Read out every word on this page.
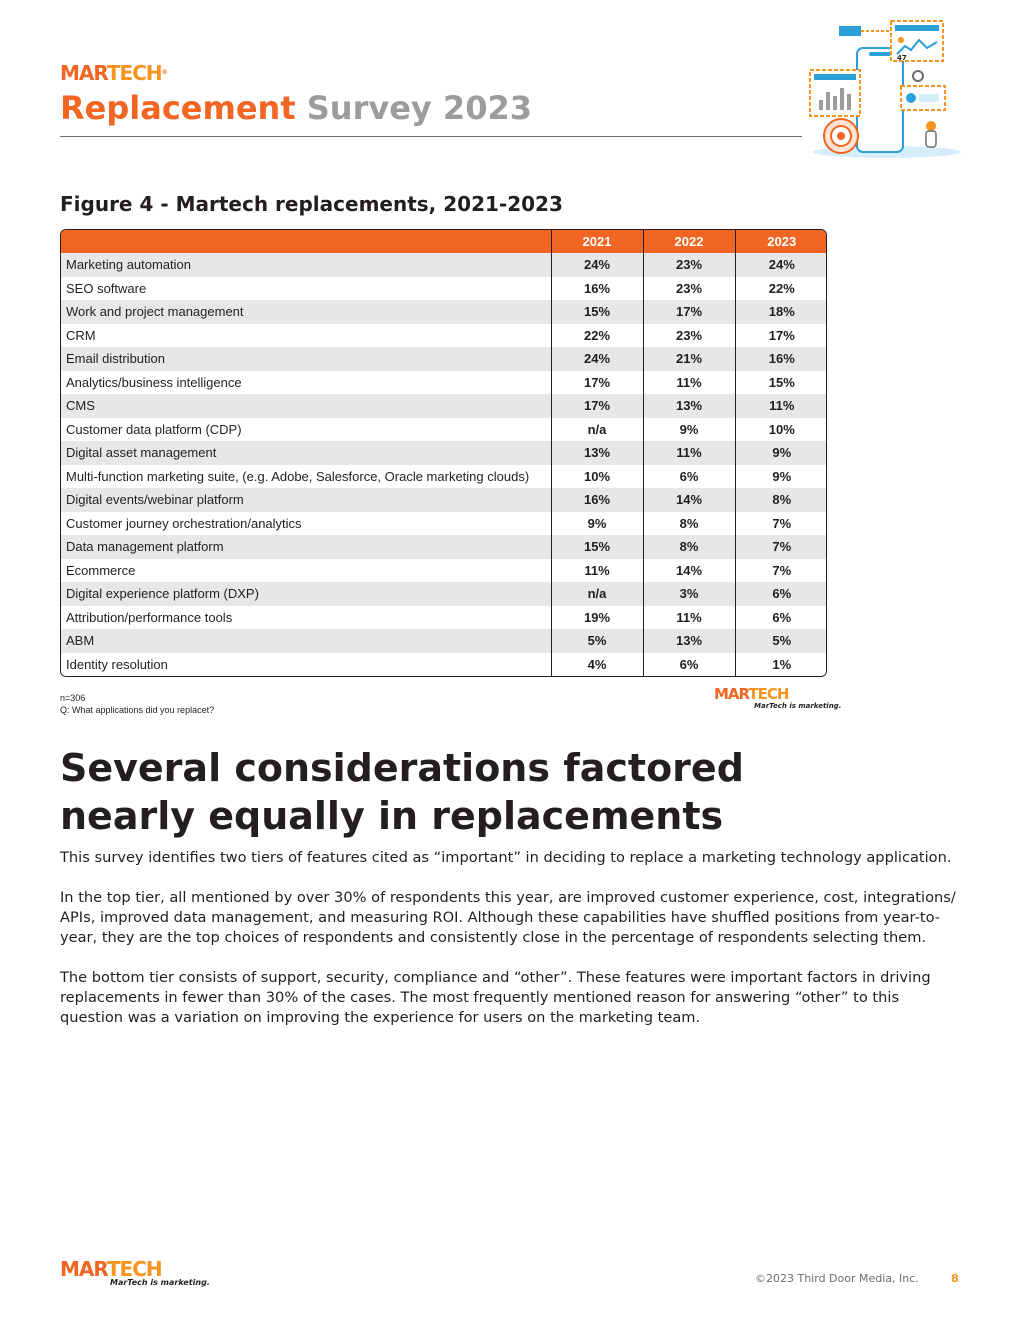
MARTECH®
Replacement Survey 2023
47
Figure 4 - Martech replacements, 2021-2023
	2021	2022	2023
Marketing automation	24%	23%	24%
SEO software	16%	23%	22%
Work and project management	15%	17%	18%
CRM	22%	23%	17%
Email distribution	24%	21%	16%
Analytics/business intelligence	17%	11%	15%
CMS	17%	13%	11%
Customer data platform (CDP)	n/a	9%	10%
Digital asset management	13%	11%	9%
Multi-function marketing suite, (e.g. Adobe, Salesforce, Oracle marketing clouds)	10%	6%	9%
Digital events/webinar platform	16%	14%	8%
Customer journey orchestration/analytics	9%	8%	7%
Data management platform	15%	8%	7%
Ecommerce	11%	14%	7%
Digital experience platform (DXP)	n/a	3%	6%
Attribution/performance tools	19%	11%	6%
ABM	5%	13%	5%
Identity resolution	4%	6%	1%
n=306
Q: What applications did you replacet?
MARTECH
MarTech is marketing.
Several considerations factored nearly equally in replacements

This survey identifies two tiers of features cited as “important” in deciding to replace a marketing technology application.

In the top tier, all mentioned by over 30% of respondents this year, are improved customer experience, cost, integrations/ APIs, improved data management, and measuring ROI. Although these capabilities have shuffled positions from year-to-year, they are the top choices of respondents and consistently close in the percentage of respondents selecting them.

The bottom tier consists of support, security, compliance and “other”. These features were important factors in driving replacements in fewer than 30% of the cases. The most frequently mentioned reason for answering “other” to this question was a variation on improving the experience for users on the marketing team.

MARTECH
MarTech is marketing.	©2023 Third Door Media, Inc.	8
